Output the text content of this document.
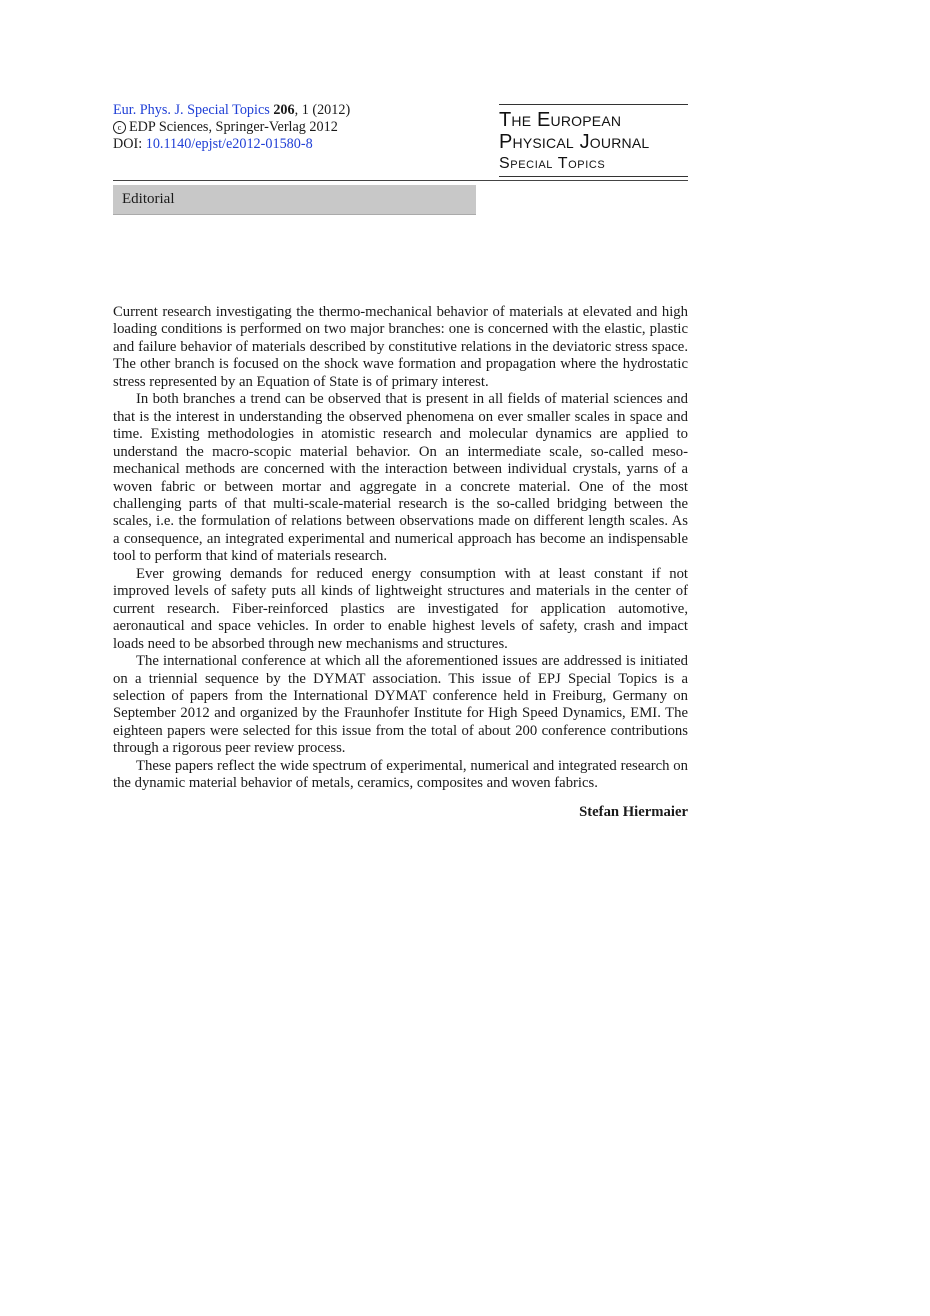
Eur. Phys. J. Special Topics 206, 1 (2012)
c EDP Sciences, Springer-Verlag 2012
DOI: 10.1140/epjst/e2012-01580-8
The European
Physical Journal
Special Topics
Editorial

Current research investigating the thermo-mechanical behavior of materials at elevated and high loading conditions is performed on two major branches: one is concerned with the elastic, plastic and failure behavior of materials described by constitutive relations in the deviatoric stress space. The other branch is focused on the shock wave formation and propagation where the hydrostatic stress represented by an Equation of State is of primary interest.

In both branches a trend can be observed that is present in all fields of material sciences and that is the interest in understanding the observed phenomena on ever smaller scales in space and time. Existing methodologies in atomistic research and molecular dynamics are applied to understand the macro-scopic material behavior. On an intermediate scale, so-called meso-mechanical methods are concerned with the interaction between individual crystals, yarns of a woven fabric or between mortar and aggregate in a concrete material. One of the most challenging parts of that multi-scale-material research is the so-called bridging between the scales, i.e. the formulation of relations between observations made on different length scales. As a consequence, an integrated experimental and numerical approach has become an indispensable tool to perform that kind of materials research.

Ever growing demands for reduced energy consumption with at least constant if not improved levels of safety puts all kinds of lightweight structures and materials in the center of current research. Fiber-reinforced plastics are investigated for application automotive, aeronautical and space vehicles. In order to enable highest levels of safety, crash and impact loads need to be absorbed through new mechanisms and structures.

The international conference at which all the aforementioned issues are addressed is initiated on a triennial sequence by the DYMAT association. This issue of EPJ Special Topics is a selection of papers from the International DYMAT conference held in Freiburg, Germany on September 2012 and organized by the Fraunhofer Institute for High Speed Dynamics, EMI. The eighteen papers were selected for this issue from the total of about 200 conference contributions through a rigorous peer review process.

These papers reflect the wide spectrum of experimental, numerical and integrated research on the dynamic material behavior of metals, ceramics, composites and woven fabrics.

Stefan Hiermaier
